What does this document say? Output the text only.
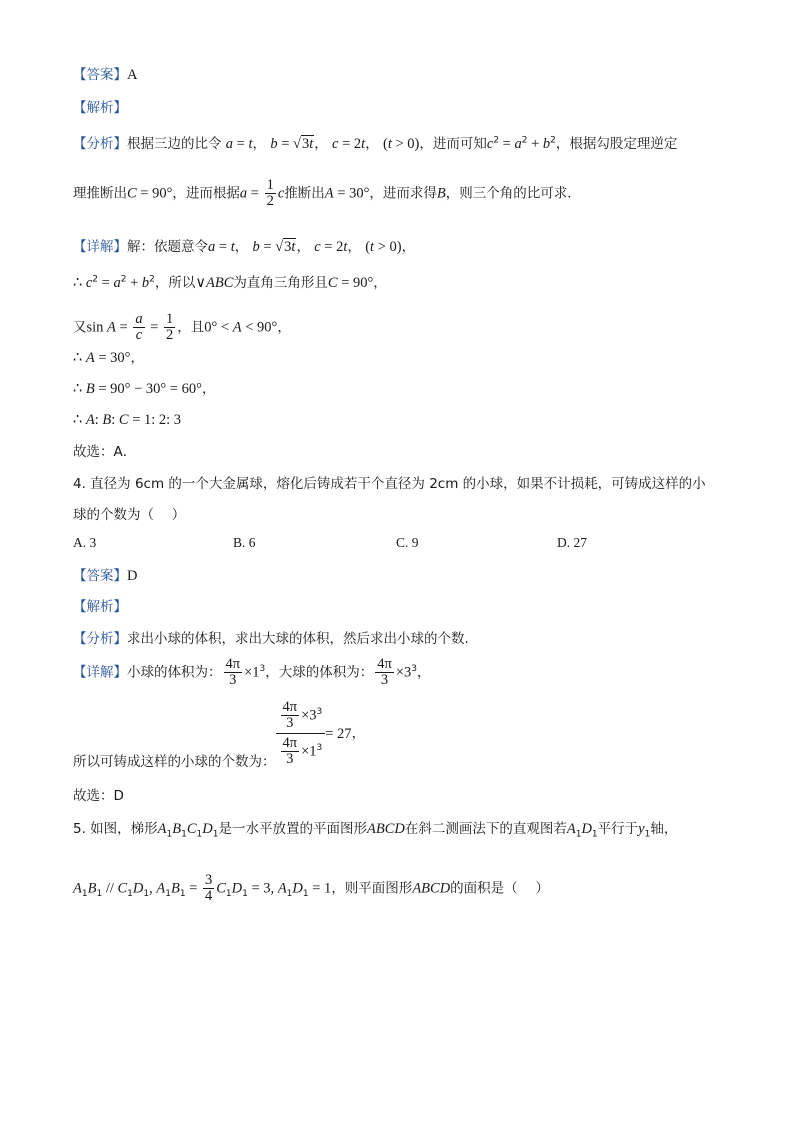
【答案】A
【解析】
【分析】根据三边的比令 a = t， b = √3t， c = 2t， (t > 0)，进而可知$c^2 = a^2 + b^2$，根据勾股定理逆定
理推断出C = 90°，进而根据$a = \frac{1}{2}$ c推断出A = 30°，进而求得B，则三个角的比可求．
【详解】解：依题意令a = t， b = √3t， c = 2t， (t > 0)，
∴ $c^2 = a^2 + b^2$，所以∨ABC为直角三角形且C = 90°，
又$\sin A = \frac{a}{c} = \frac{1}{2}$ ，且0° < A < 90°，
∴ A = 30°，
∴ B = 90° − 30° = 60°，
∴ A: B: C = 1: 2: 3
故选：A．
4. 直径为 6cm 的一个大金属球，熔化后铸成若干个直径为 2cm 的小球，如果不计损耗，可铸成这样的小
球的个数为（　 ）
A. 3	B. 6	C. 9	D. 27
【答案】D
【解析】
【分析】求出小球的体积，求出大球的体积，然后求出小球的个数.
【详解】小球的体积为： $\frac{4\pi}{3} \times 1^3$，大球的体积为： $\frac{4\pi}{3} \times 3^3$，
所以可铸成这样的小球的个数为： $\frac{\frac{4\pi}{3} \times 3^3}{\frac{4\pi}{3} \times 1^3} = 27$，
故选：D
5. 如图，梯形$A_1B_1C_1D_1$是一水平放置的平面图形ABCD在斜二测画法下的直观图若$A_1D_1$平行于$y_1$轴，
$A_1B_1 // C_1D_1$, $A_1B_1 = \frac{3}{4} C_1D_1 = 3$, $A_1D_1 = 1$，则平面图形ABCD的面积是（　 ）
